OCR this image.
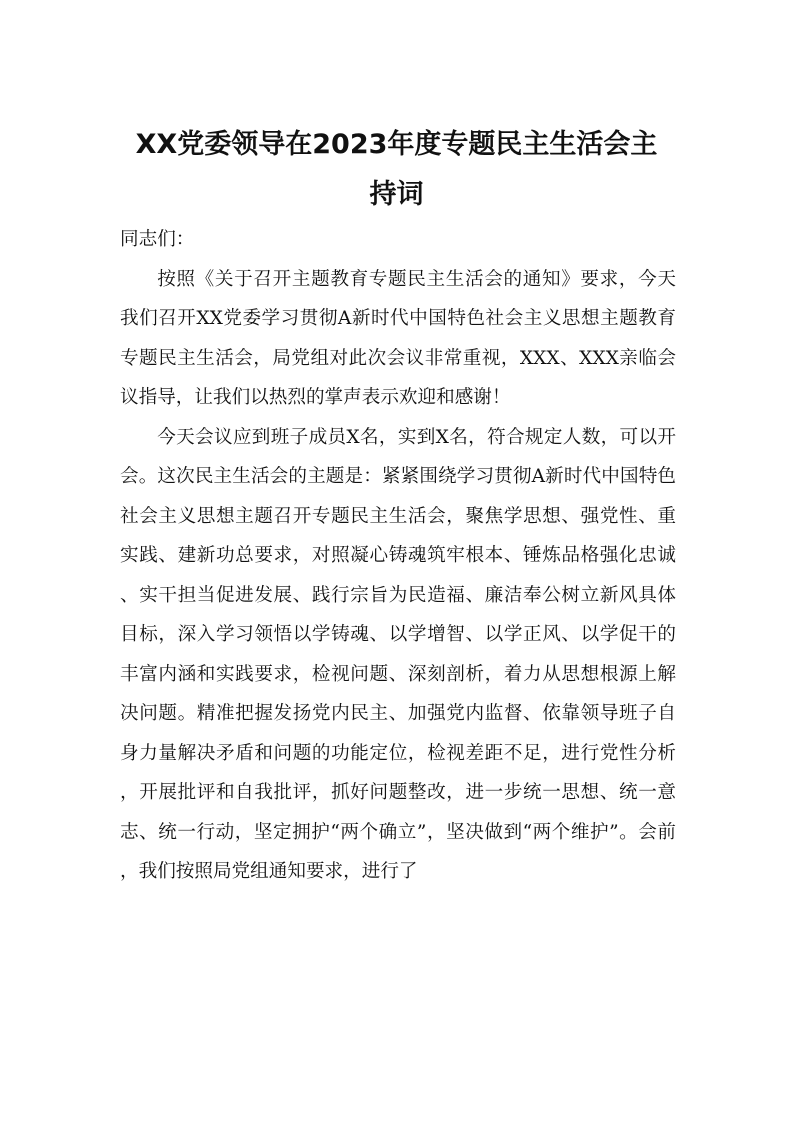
XX党委领导在2023年度专题民主生活会主
持词

同志们：

按照《关于召开主题教育专题民主生活会的通知》要求，今天我们召开XX党委学习贯彻A新时代中国特色社会主义思想主题教育专题民主生活会，局党组对此次会议非常重视，XXX、XXX亲临会议指导，让我们以热烈的掌声表示欢迎和感谢！

今天会议应到班子成员X名，实到X名，符合规定人数，可以开会。这次民主生活会的主题是：紧紧围绕学习贯彻A新时代中国特色社会主义思想主题召开专题民主生活会，聚焦学思想、强党性、重实践、建新功总要求，对照凝心铸魂筑牢根本、锤炼品格强化忠诚、实干担当促进发展、践行宗旨为民造福、廉洁奉公树立新风具体目标，深入学习领悟以学铸魂、以学增智、以学正风、以学促干的丰富内涵和实践要求，检视问题、深刻剖析，着力从思想根源上解决问题。精准把握发扬党内民主、加强党内监督、依靠领导班子自身力量解决矛盾和问题的功能定位，检视差距不足，进行党性分析，开展批评和自我批评，抓好问题整改，进一步统一思想、统一意志、统一行动，坚定拥护“两个确立”，坚决做到“两个维护”。会前，我们按照局党组通知要求，进行了
